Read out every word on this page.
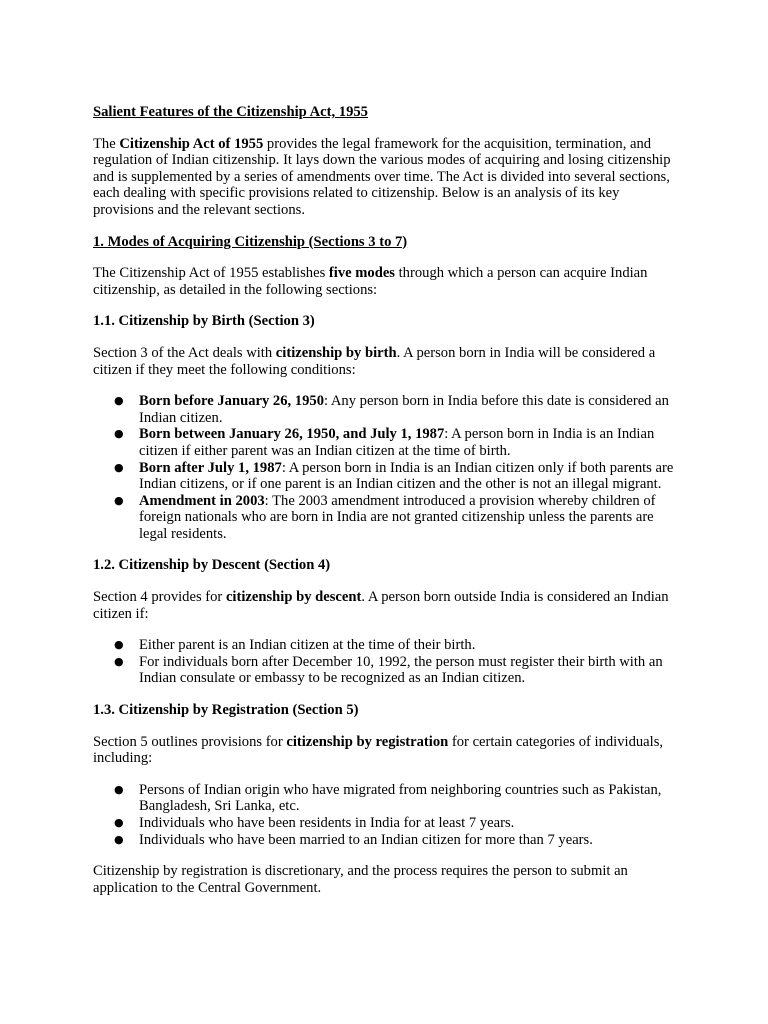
Salient Features of the Citizenship Act, 1955

The Citizenship Act of 1955 provides the legal framework for the acquisition, termination, and regulation of Indian citizenship. It lays down the various modes of acquiring and losing citizenship and is supplemented by a series of amendments over time. The Act is divided into several sections, each dealing with specific provisions related to citizenship. Below is an analysis of its key provisions and the relevant sections.

1. Modes of Acquiring Citizenship (Sections 3 to 7)

The Citizenship Act of 1955 establishes five modes through which a person can acquire Indian citizenship, as detailed in the following sections:

1.1. Citizenship by Birth (Section 3)

Section 3 of the Act deals with citizenship by birth. A person born in India will be considered a citizen if they meet the following conditions:

● Born before January 26, 1950: Any person born in India before this date is considered an Indian citizen.
● Born between January 26, 1950, and July 1, 1987: A person born in India is an Indian citizen if either parent was an Indian citizen at the time of birth.
● Born after July 1, 1987: A person born in India is an Indian citizen only if both parents are Indian citizens, or if one parent is an Indian citizen and the other is not an illegal migrant.
● Amendment in 2003: The 2003 amendment introduced a provision whereby children of foreign nationals who are born in India are not granted citizenship unless the parents are legal residents.

1.2. Citizenship by Descent (Section 4)

Section 4 provides for citizenship by descent. A person born outside India is considered an Indian citizen if:

● Either parent is an Indian citizen at the time of their birth.
● For individuals born after December 10, 1992, the person must register their birth with an Indian consulate or embassy to be recognized as an Indian citizen.

1.3. Citizenship by Registration (Section 5)

Section 5 outlines provisions for citizenship by registration for certain categories of individuals, including:

● Persons of Indian origin who have migrated from neighboring countries such as Pakistan, Bangladesh, Sri Lanka, etc.
● Individuals who have been residents in India for at least 7 years.
● Individuals who have been married to an Indian citizen for more than 7 years.

Citizenship by registration is discretionary, and the process requires the person to submit an application to the Central Government.
